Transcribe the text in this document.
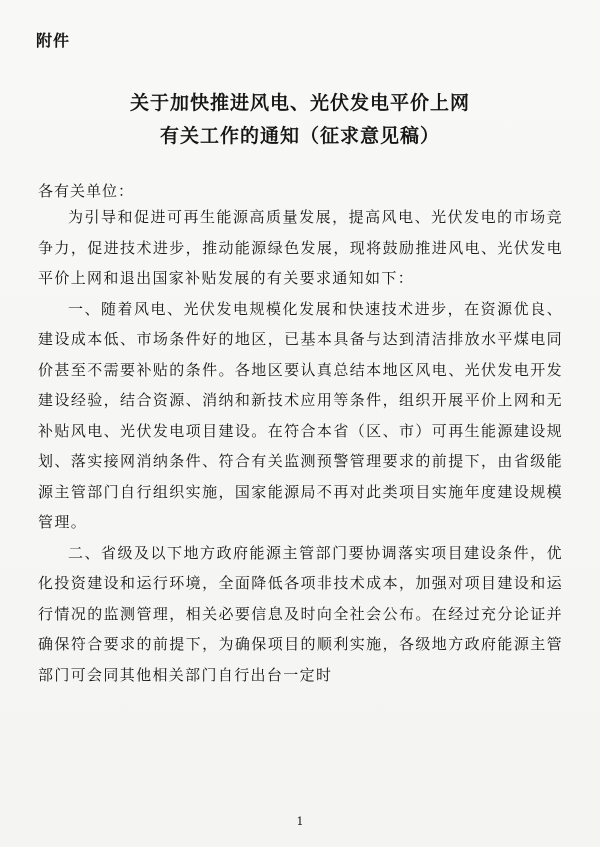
附件
关于加快推进风电、光伏发电平价上网
有关工作的通知（征求意见稿）
各有关单位：

为引导和促进可再生能源高质量发展，提高风电、光伏发电的市场竞争力，促进技术进步，推动能源绿色发展，现将鼓励推进风电、光伏发电平价上网和退出国家补贴发展的有关要求通知如下：

一、随着风电、光伏发电规模化发展和快速技术进步，在资源优良、建设成本低、市场条件好的地区，已基本具备与达到清洁排放水平煤电同价甚至不需要补贴的条件。各地区要认真总结本地区风电、光伏发电开发建设经验，结合资源、消纳和新技术应用等条件，组织开展平价上网和无补贴风电、光伏发电项目建设。在符合本省（区、市）可再生能源建设规划、落实接网消纳条件、符合有关监测预警管理要求的前提下，由省级能源主管部门自行组织实施，国家能源局不再对此类项目实施年度建设规模管理。

二、省级及以下地方政府能源主管部门要协调落实项目建设条件，优化投资建设和运行环境，全面降低各项非技术成本，加强对项目建设和运行情况的监测管理，相关必要信息及时向全社会公布。在经过充分论证并确保符合要求的前提下，为确保项目的顺利实施，各级地方政府能源主管部门可会同其他相关部门自行出台一定时

1
